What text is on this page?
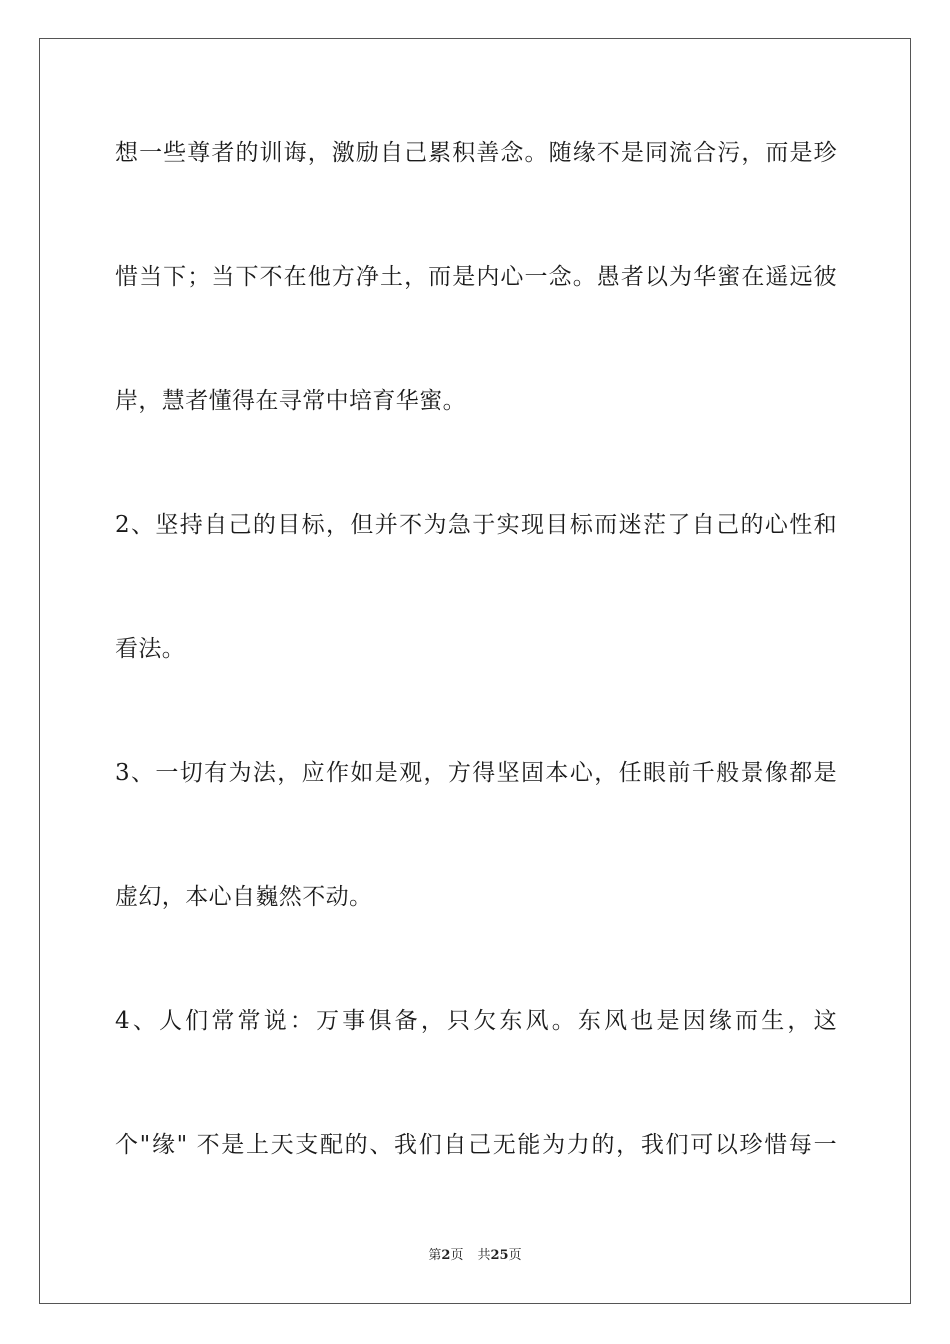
想一些尊者的训诲，激励自己累积善念。随缘不是同流合污，而是珍
惜当下；当下不在他方净土，而是内心一念。愚者以为华蜜在遥远彼
岸，慧者懂得在寻常中培育华蜜。
2、坚持自己的目标，但并不为急于实现目标而迷茫了自己的心性和
看法。
3、一切有为法，应作如是观，方得坚固本心，任眼前千般景像都是
虚幻，本心自巍然不动。
4、人们常常说：万事俱备，只欠东风。东风也是因缘而生，这
个"缘" 不是上天支配的、我们自己无能为力的，我们可以珍惜每一
第2页 共25页
